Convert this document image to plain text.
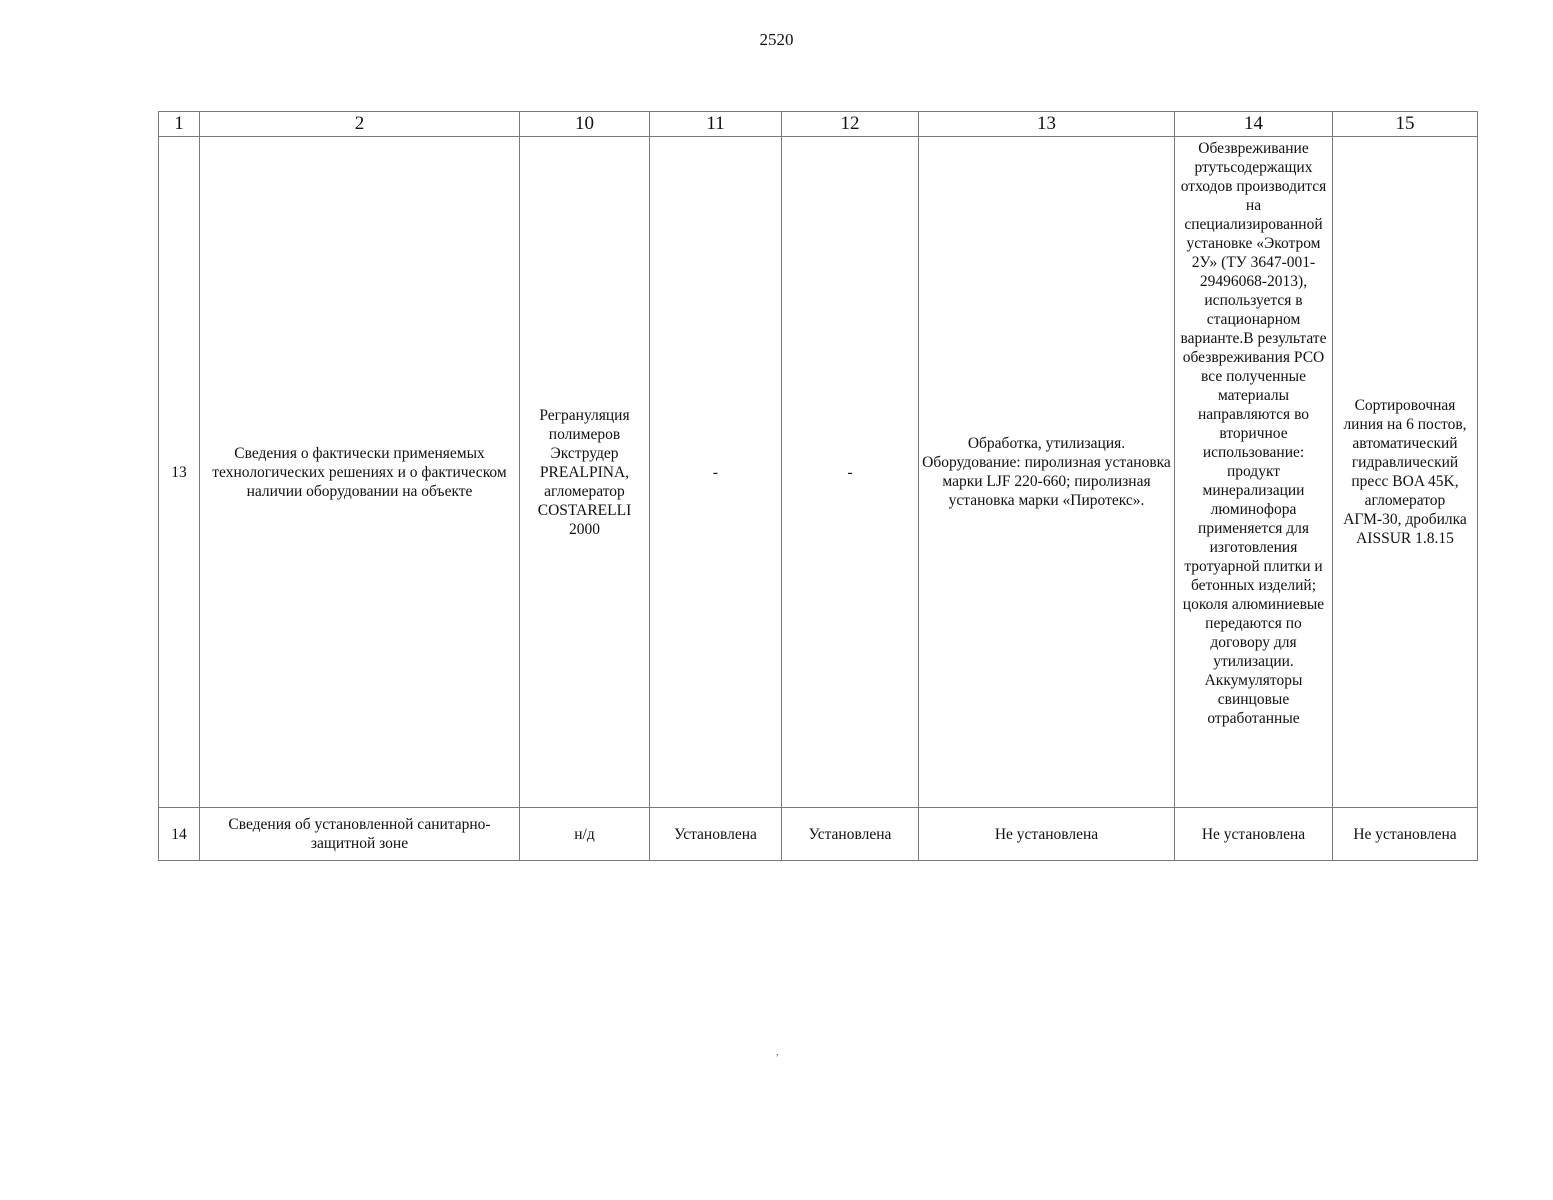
2520
1	2	10	11	12	13	14	15
13	Сведения о фактически применяемых технологических решениях и о фактическом наличии оборудовании на объекте	Регрануляция полимеров Экструдер PREALPINA, агломератор COSTARELLI 2000	-	-	Обработка, утилизация. Оборудование: пиролизная установка марки LJF 220-660; пиролизная установка марки «Пиротекс».	Обезвреживание ртутьсодержащих отходов производится на специализированной установке «Экотром 2У» (ТУ 3647-001-29496068-2013), используется в стационарном варианте.В результате обезвреживания РСО все полученные материалы направляются во вторичное использование: продукт минерализации люминофора применяется для изготовления тротуарной плитки и бетонных изделий; цоколя алюминиевые передаются по договору для утилизации. Аккумуляторы свинцовые отработанные	Сортировочная линия на 6 постов, автоматический гидравлический пресс BOA 45K, агломератор АГМ-30, дробилка AISSUR 1.8.15
14	Сведения об установленной санитарно-защитной зоне	н/д	Установлена	Установлена	Не установлена	Не установлена	Не установлена
,
